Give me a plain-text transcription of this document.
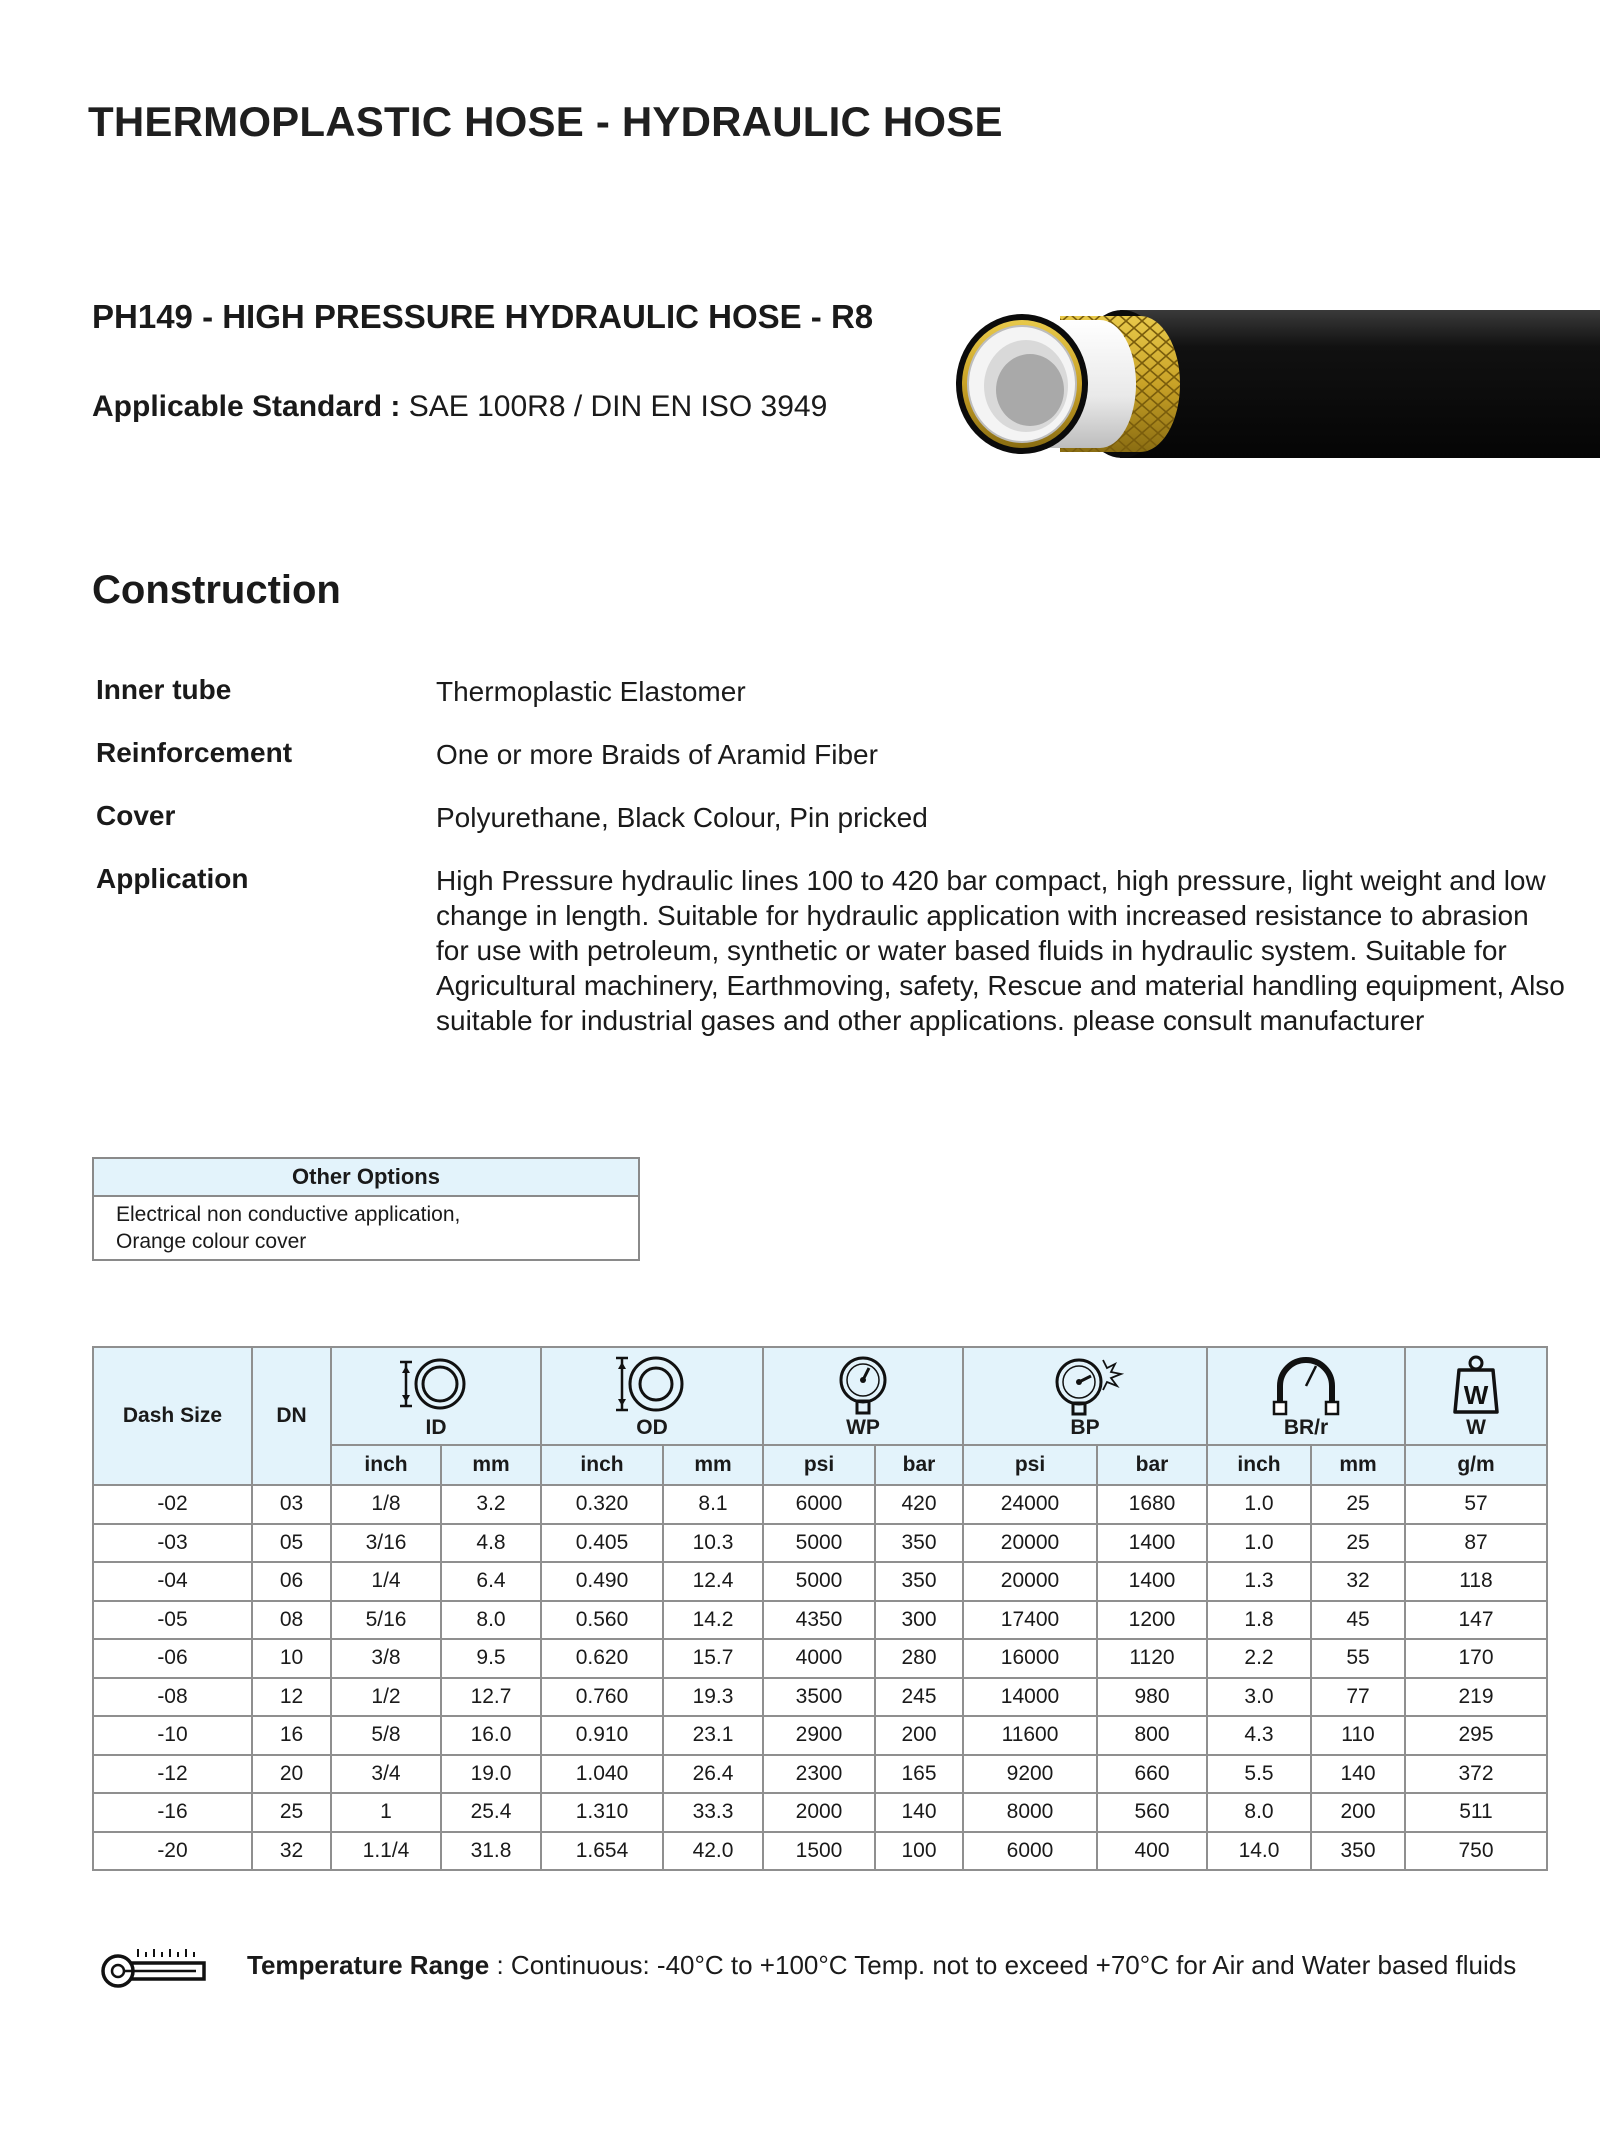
THERMOPLASTIC HOSE - HYDRAULIC HOSE
PH149 - HIGH PRESSURE HYDRAULIC HOSE - R8
Applicable Standard : SAE 100R8 / DIN EN ISO 3949
Construction
Inner tube	Thermoplastic Elastomer
Reinforcement	One or more Braids of Aramid Fiber
Cover	Polyurethane, Black Colour, Pin pricked
Application	High Pressure hydraulic lines 100 to 420 bar compact, high pressure, light weight and low change in length. Suitable for hydraulic application with increased resistance to abrasion for use with petroleum, synthetic or water based fluids in hydraulic system. Suitable for Agricultural machinery, Earthmoving, safety, Rescue and material handling equipment, Also suitable for industrial gases and other applications. please consult manufacturer
Other Options
Electrical non conductive application,
Orange colour cover
Dash Size	DN	ID		OD		WP		BP		BR/r		W
W

		inch	mm	inch	mm	psi	bar	psi	bar	inch	mm	g/m
-02	03	1/8	3.2	0.320	8.1	6000	420	24000	1680	1.0	25	57
-03	05	3/16	4.8	0.405	10.3	5000	350	20000	1400	1.0	25	87
-04	06	1/4	6.4	0.490	12.4	5000	350	20000	1400	1.3	32	118
-05	08	5/16	8.0	0.560	14.2	4350	300	17400	1200	1.8	45	147
-06	10	3/8	9.5	0.620	15.7	4000	280	16000	1120	2.2	55	170
-08	12	1/2	12.7	0.760	19.3	3500	245	14000	980	3.0	77	219
-10	16	5/8	16.0	0.910	23.1	2900	200	11600	800	4.3	110	295
-12	20	3/4	19.0	1.040	26.4	2300	165	9200	660	5.5	140	372
-16	25	1	25.4	1.310	33.3	2000	140	8000	560	8.0	200	511
-20	32	1.1/4	31.8	1.654	42.0	1500	100	6000	400	14.0	350	750
Temperature Range : Continuous: -40°C to +100°C Temp. not to exceed +70°C for Air and Water based fluids
